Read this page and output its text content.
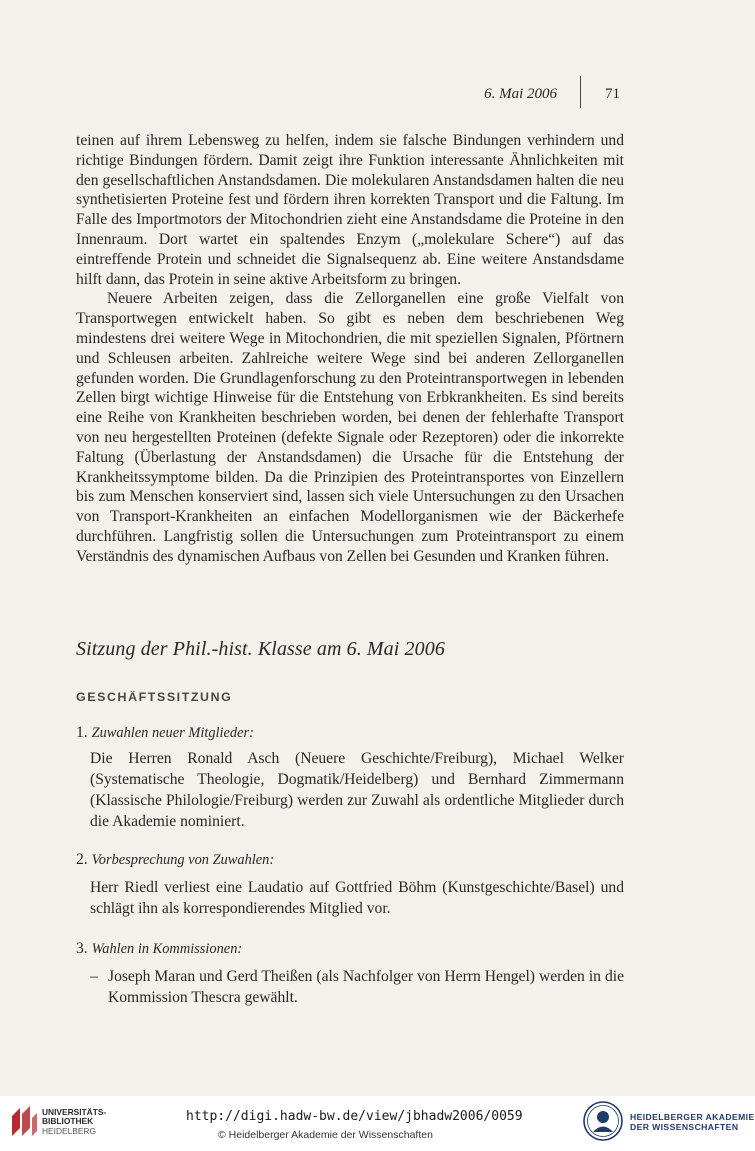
6. Mai 2006	71

teinen auf ihrem Lebensweg zu helfen, indem sie falsche Bindungen verhindern und richtige Bindungen fördern. Damit zeigt ihre Funktion interessante Ähnlichkeiten mit den gesellschaftlichen Anstandsdamen. Die molekularen Anstandsdamen halten die neu synthetisierten Proteine fest und fördern ihren korrekten Transport und die Faltung. Im Falle des Importmotors der Mitochondrien zieht eine Anstandsdame die Proteine in den Innenraum. Dort wartet ein spaltendes Enzym („molekulare Schere“) auf das eintreffende Protein und schneidet die Signalsequenz ab. Eine weitere Anstandsdame hilft dann, das Protein in seine aktive Arbeitsform zu bringen.

Neuere Arbeiten zeigen, dass die Zellorganellen eine große Vielfalt von Transportwegen entwickelt haben. So gibt es neben dem beschriebenen Weg mindestens drei weitere Wege in Mitochondrien, die mit speziellen Signalen, Pförtnern und Schleusen arbeiten. Zahlreiche weitere Wege sind bei anderen Zellorganellen gefunden worden. Die Grundlagenforschung zu den Proteintransportwegen in lebenden Zellen birgt wichtige Hinweise für die Entstehung von Erbkrankheiten. Es sind bereits eine Reihe von Krankheiten beschrieben worden, bei denen der fehlerhafte Transport von neu hergestellten Proteinen (defekte Signale oder Rezeptoren) oder die inkorrekte Faltung (Überlastung der Anstandsdamen) die Ursache für die Entstehung der Krankheitssymptome bilden. Da die Prinzipien des Proteintransportes von Einzellern bis zum Menschen konserviert sind, lassen sich viele Untersuchungen zu den Ursachen von Transport-Krankheiten an einfachen Modellorganismen wie der Bäckerhefe durchführen. Langfristig sollen die Untersuchungen zum Proteintransport zu einem Verständnis des dynamischen Aufbaus von Zellen bei Gesunden und Kranken führen.

Sitzung der Phil.-hist. Klasse am 6. Mai 2006
GESCHÄFTSSITZUNG
1. Zuwahlen neuer Mitglieder:
Die Herren Ronald Asch (Neuere Geschichte/Freiburg), Michael Welker (Systematische Theologie, Dogmatik/Heidelberg) und Bernhard Zimmermann (Klassische Philologie/Freiburg) werden zur Zuwahl als ordentliche Mitglieder durch die Akademie nominiert.
2. Vorbesprechung von Zuwahlen:
Herr Riedl verliest eine Laudatio auf Gottfried Böhm (Kunstgeschichte/Basel) und schlägt ihn als korrespondierendes Mitglied vor.
3. Wahlen in Kommissionen:
– Joseph Maran und Gerd Theißen (als Nachfolger von Herrn Hengel) werden in die Kommission Thescra gewählt.
UNIVERSITÄTS-
BIBLIOTHEK
HEIDELBERG
http://digi.hadw-bw.de/view/jbhadw2006/0059
© Heidelberger Akademie der Wissenschaften
HEIDELBERGER AKADEMIE
DER WISSENSCHAFTEN
